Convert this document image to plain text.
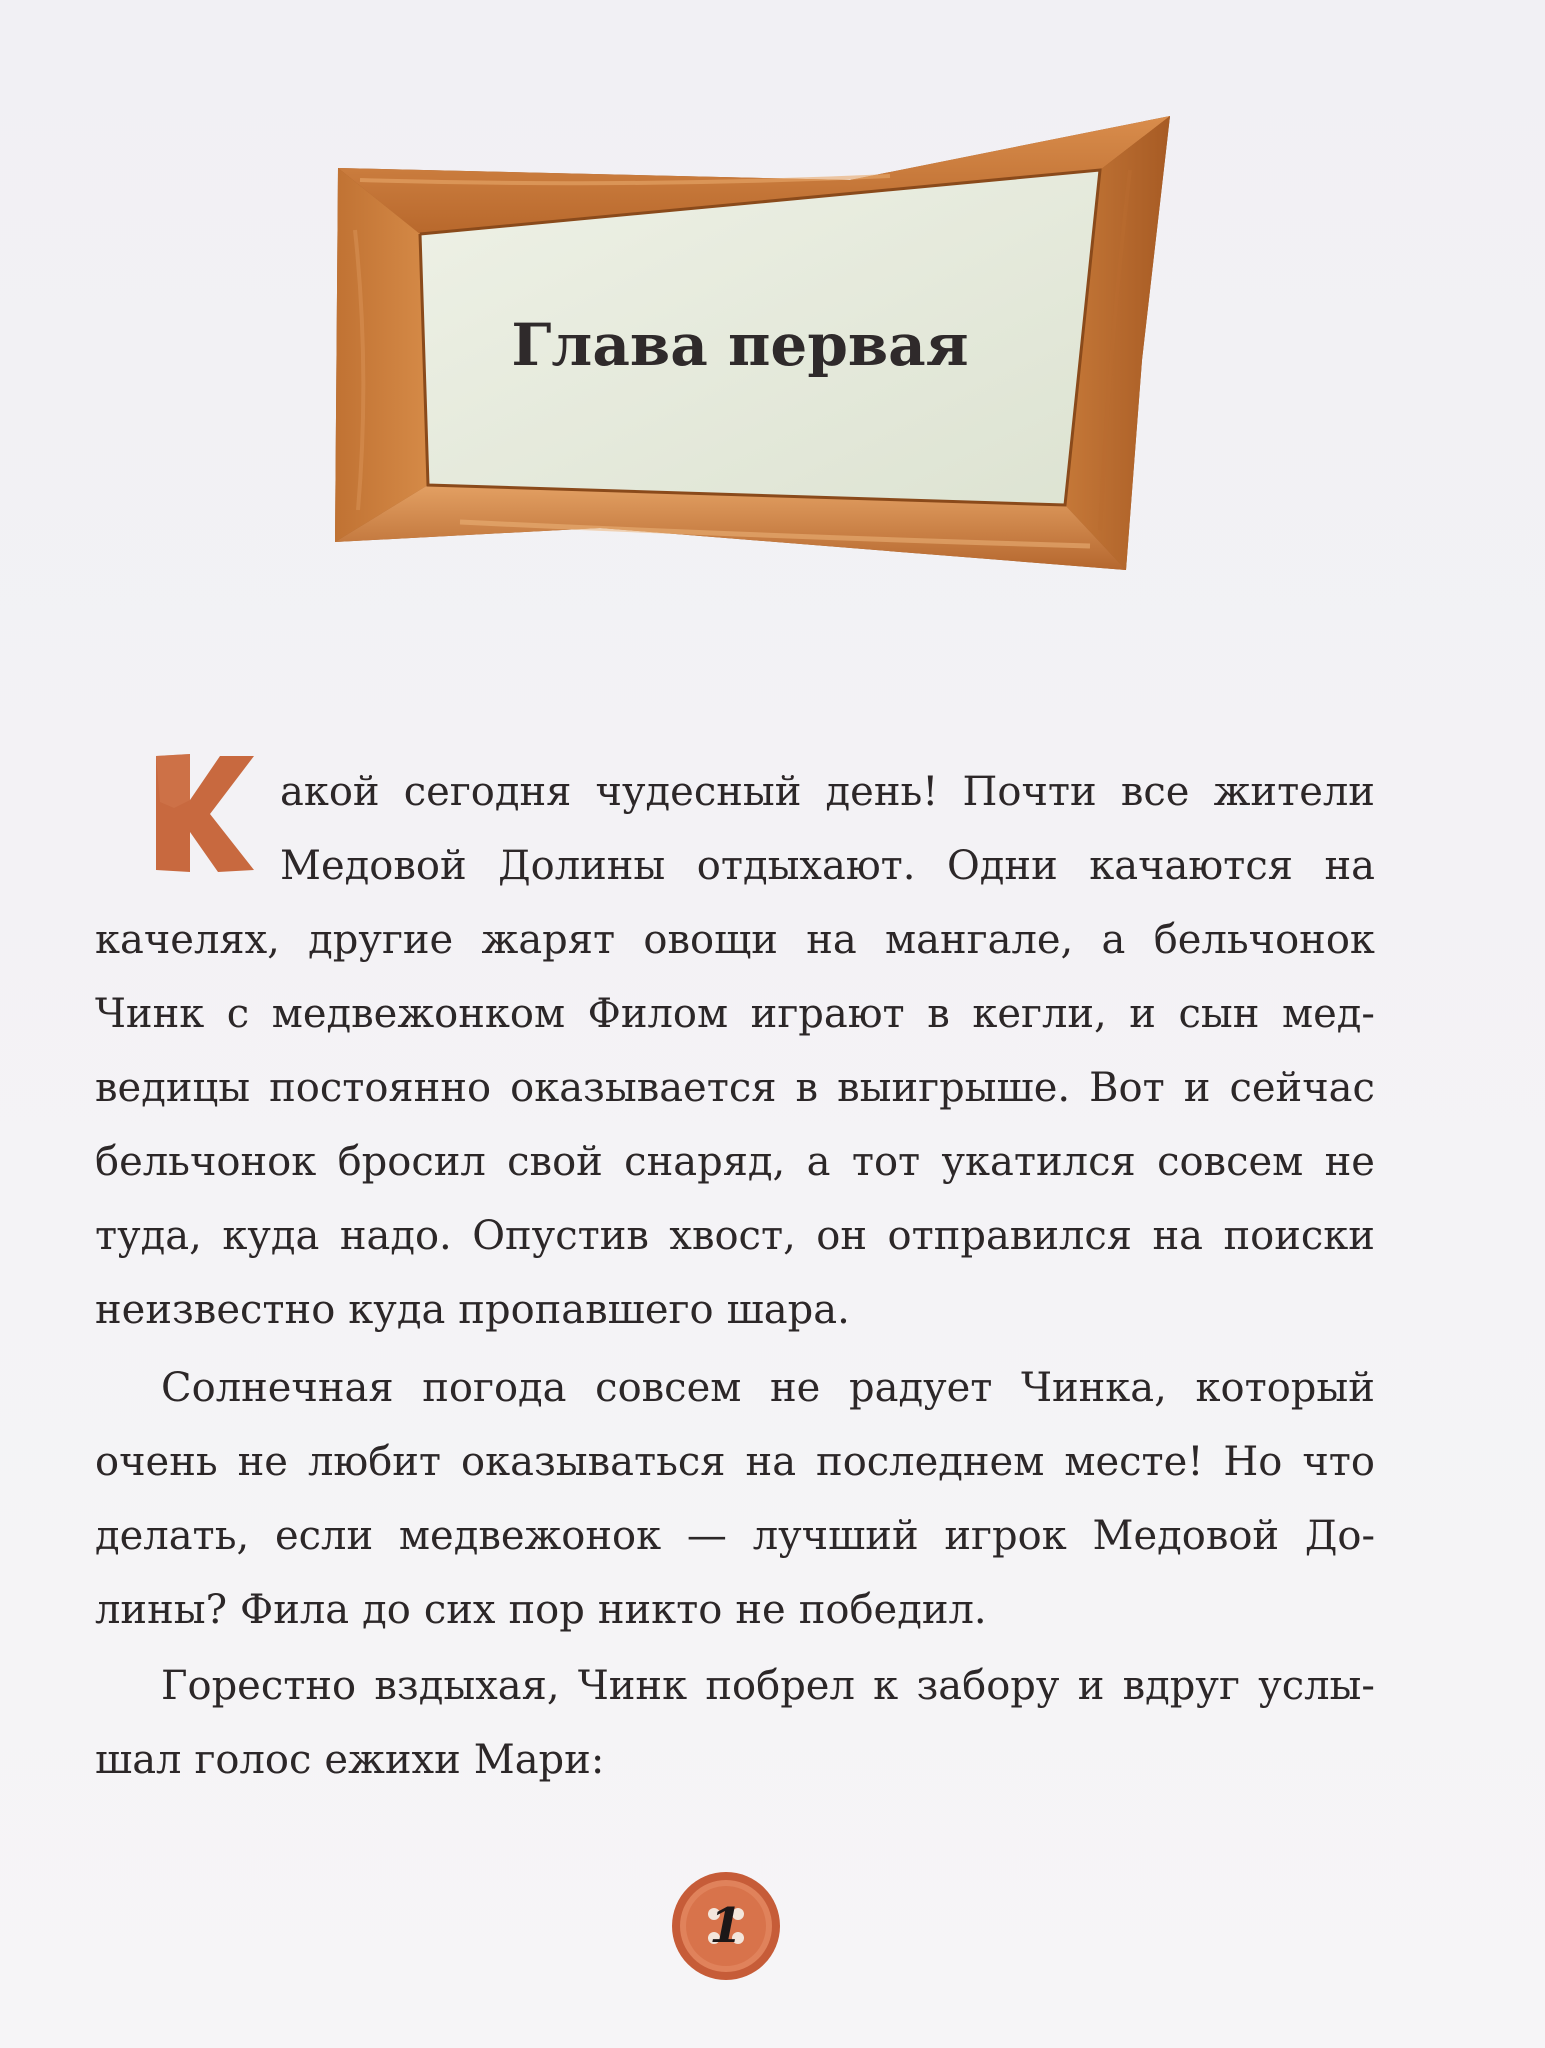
Глава первая
акой сегодня чудесный день! Почти все жители
Медовой Долины отдыхают. Одни качаются на
качелях, другие жарят овощи на мангале, а бельчонок
Чинк с медвежонком Филом играют в кегли, и сын мед-
ведицы постоянно оказывается в выигрыше. Вот и сейчас
бельчонок бросил свой снаряд, а тот укатился совсем не
туда, куда надо. Опустив хвост, он отправился на поиски
неизвестно куда пропавшего шара.
Солнечная погода совсем не радует Чинка, который
очень не любит оказываться на последнем месте! Но что
делать, если медвежонок — лучший игрок Медовой До-
лины? Фила до сих пор никто не победил.
Горестно вздыхая, Чинк побрел к забору и вдруг услы-
шал голос ежихи Мари:
1
